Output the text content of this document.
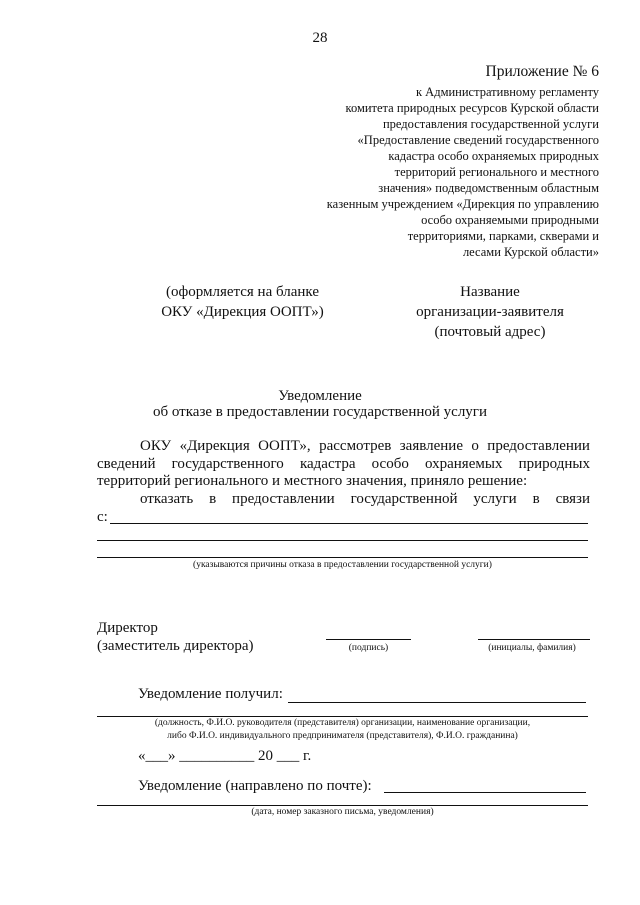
28
Приложение № 6
к Административному регламенту
комитета природных ресурсов Курской области
предоставления государственной услуги
«Предоставление сведений государственного
кадастра особо охраняемых природных
территорий регионального и местного
значения» подведомственным областным
казенным учреждением «Дирекция по управлению
особо охраняемыми природными
территориями, парками, скверами и
лесами Курской области»
(оформляется на бланке
ОКУ «Дирекция ООПТ»)
Название
организации-заявителя
(почтовый адрес)
Уведомление
об отказе в предоставлении государственной услуги
ОКУ «Дирекция ООПТ», рассмотрев заявление о предоставлении
сведений государственного кадастра особо охраняемых природных
территорий регионального и местного значения, приняло решение:
отказать в предоставлении государственной услуги в связи
с:
(указываются причины отказа в предоставлении государственной услуги)
Директор
(заместитель директора)	(подпись)	(инициалы, фамилия)
Уведомление получил:
(должность, Ф.И.О. руководителя (представителя) организации, наименование организации,
либо Ф.И.О. индивидуального предпринимателя (представителя), Ф.И.О. гражданина)
«___» __________ 20 ___ г.
Уведомление (направлено по почте):
(дата, номер заказного письма, уведомления)
